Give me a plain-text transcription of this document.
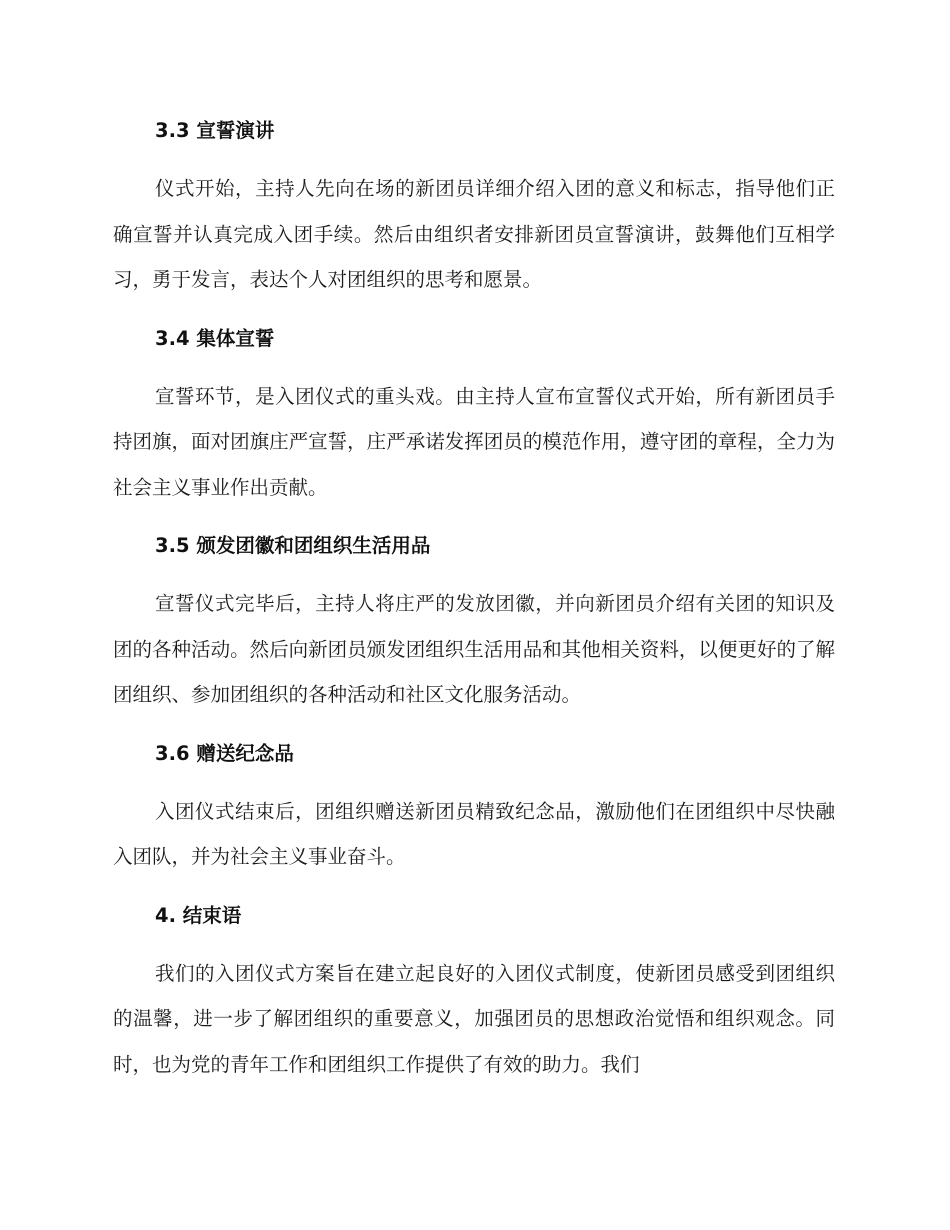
3.3 宣誓演讲

仪式开始，主持人先向在场的新团员详细介绍入团的意义和标志，指导他们正确宣誓并认真完成入团手续。然后由组织者安排新团员宣誓演讲，鼓舞他们互相学习，勇于发言，表达个人对团组织的思考和愿景。

3.4 集体宣誓

宣誓环节，是入团仪式的重头戏。由主持人宣布宣誓仪式开始，所有新团员手持团旗，面对团旗庄严宣誓，庄严承诺发挥团员的模范作用，遵守团的章程，全力为社会主义事业作出贡献。

3.5 颁发团徽和团组织生活用品

宣誓仪式完毕后，主持人将庄严的发放团徽，并向新团员介绍有关团的知识及团的各种活动。然后向新团员颁发团组织生活用品和其他相关资料，以便更好的了解团组织、参加团组织的各种活动和社区文化服务活动。

3.6 赠送纪念品

入团仪式结束后，团组织赠送新团员精致纪念品，激励他们在团组织中尽快融入团队，并为社会主义事业奋斗。

4. 结束语

我们的入团仪式方案旨在建立起良好的入团仪式制度，使新团员感受到团组织的温馨，进一步了解团组织的重要意义，加强团员的思想政治觉悟和组织观念。同时，也为党的青年工作和团组织工作提供了有效的助力。我们
